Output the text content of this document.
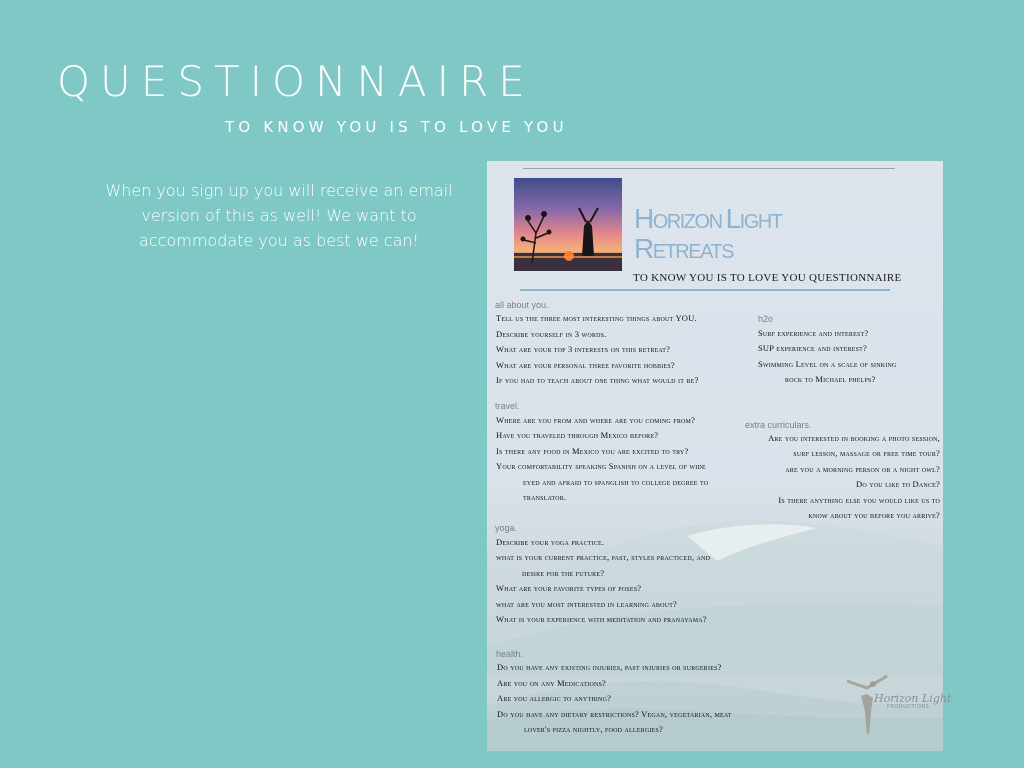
QUESTIONNAIRE
TO KNOW YOU IS TO LOVE YOU
When you sign up you will receive an email
version of this as well! We want to
accommodate you as best we can!
HORIZON LIGHT
RETREATS
TO KNOW YOU IS TO LOVE YOU QUESTIONNAIRE
all about you.
Tell us the three most interesting things about YOU.
Describe yourself in 3 words.
What are your top 3 interests on this retreat?
What are your personal three favorite hobbies?
If you had to teach about one thing what would it be?
h2o
Surf experience and interest?
SUP experience and interest?
Swimming Level on a scale of sinking
rock to Michael phelps?
travel.
Where are you from and where are you coming from?
Have you traveled through Mexico before?
Is there any food in Mexico you are excited to try?
Your comfortability speaking Spanish on a level of wide
eyed and afraid to spanglish to college degree to
translator.
extra curriculars.
Are you interested in booking a photo session,
surf lesson, massage or free time tour?
are you a morning person or a night owl?
Do you like to Dance?
Is there anything else you would like us to
know about you before you arrive?
yoga.
Describe your yoga practice.
what is your current practice, past, styles practiced, and
desire for the future?
What are your favorite types of poses?
what are you most interested in learning about?
What is your experience with meditation and pranayama?
health.
Do you have any existing injuries, past injuries or surgeries?
Are you on any Medications?
Are you allergic to anything?
Do you have any dietary restrictions? Vegan, vegetarian, meat
lover's pizza nightly, food allergies?
Horizon Light
PRODUCTIONS
